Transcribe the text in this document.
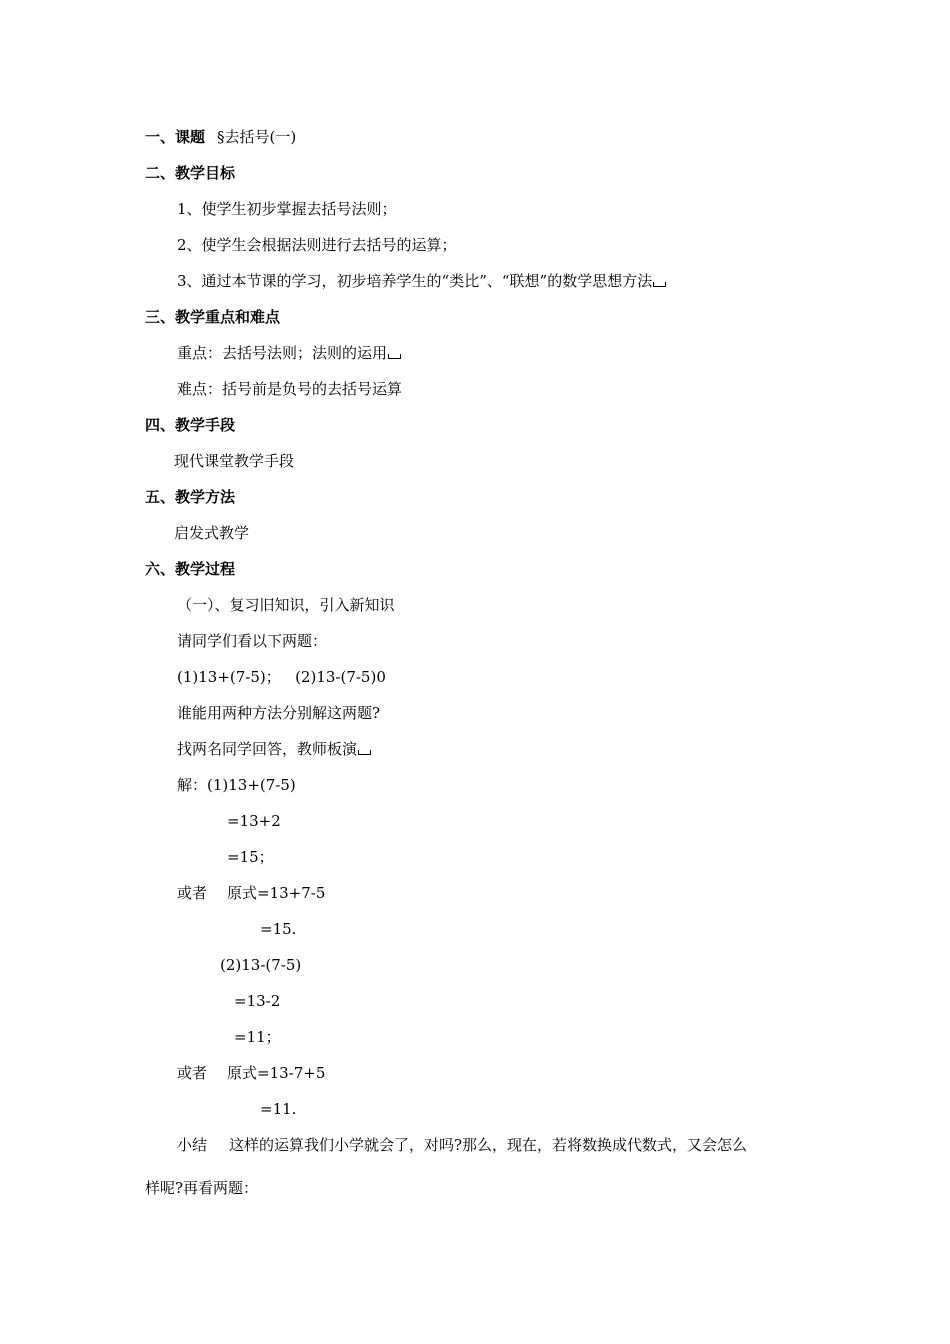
一、课题 §去括号(一)
二、教学目标
1、使学生初步掌握去括号法则；
2、使学生会根据法则进行去括号的运算；
3、通过本节课的学习，初步培养学生的“类比”、“联想”的数学思想方法
三、教学重点和难点
重点：去括号法则；法则的运用
难点：括号前是负号的去括号运算
四、教学手段
现代课堂教学手段
五、教学方法
启发式教学
六、教学过程
（一）、复习旧知识，引入新知识
请同学们看以下两题：
(1)13+(7-5)；   (2)13-(7-5)0
谁能用两种方法分别解这两题?
找两名同学回答，教师板演
解：(1)13+(7-5)
=13+2
=15；
或者 原式=13+7-5
=15.
(2)13-(7-5)
=13-2
=11；
或者 原式=13-7+5
=11.
小结 这样的运算我们小学就会了，对吗?那么，现在，若将数换成代数式，又会怎么
样呢?再看两题：
